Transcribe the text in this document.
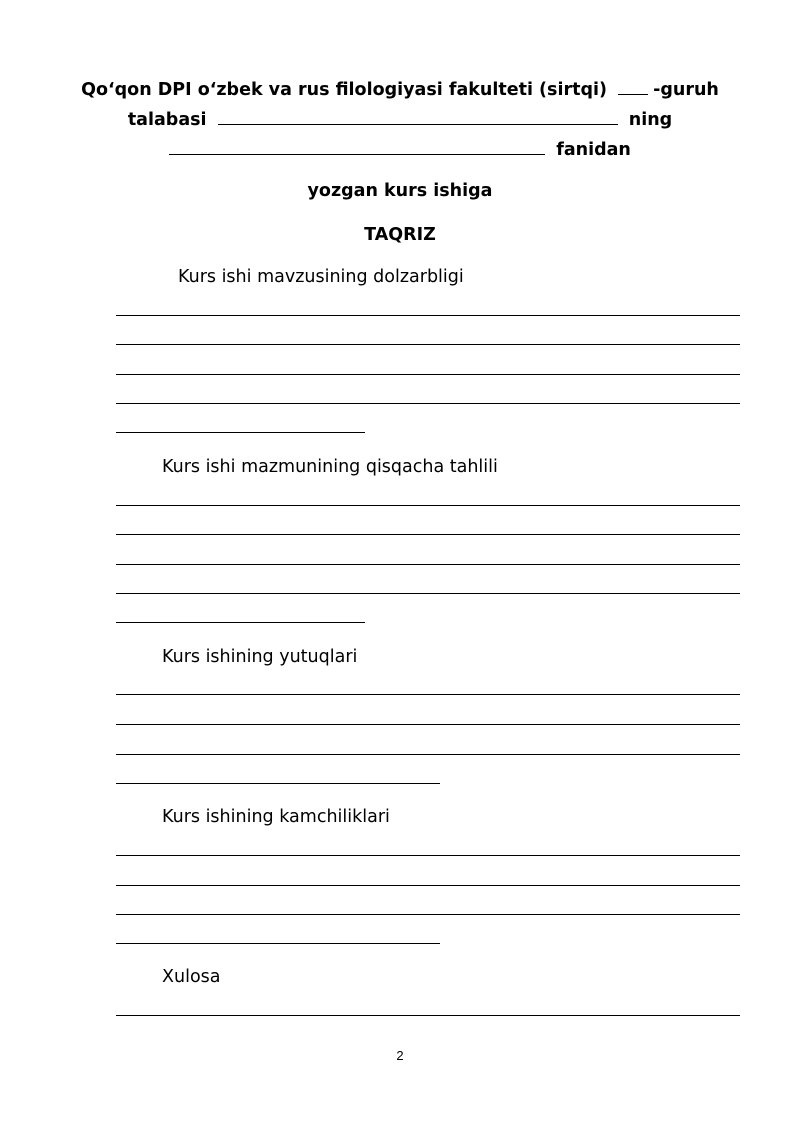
Qo‘qon DPI o‘zbek va rus filologiyasi fakulteti (sirtqi)	-guruh
talabasi	ning
fanidan
yozgan kurs ishiga
TAQRIZ
Kurs ishi mavzusining dolzarbligi
Kurs ishi mazmunining qisqacha tahlili
Kurs ishining yutuqlari
Kurs ishining kamchiliklari
Xulosa
2
